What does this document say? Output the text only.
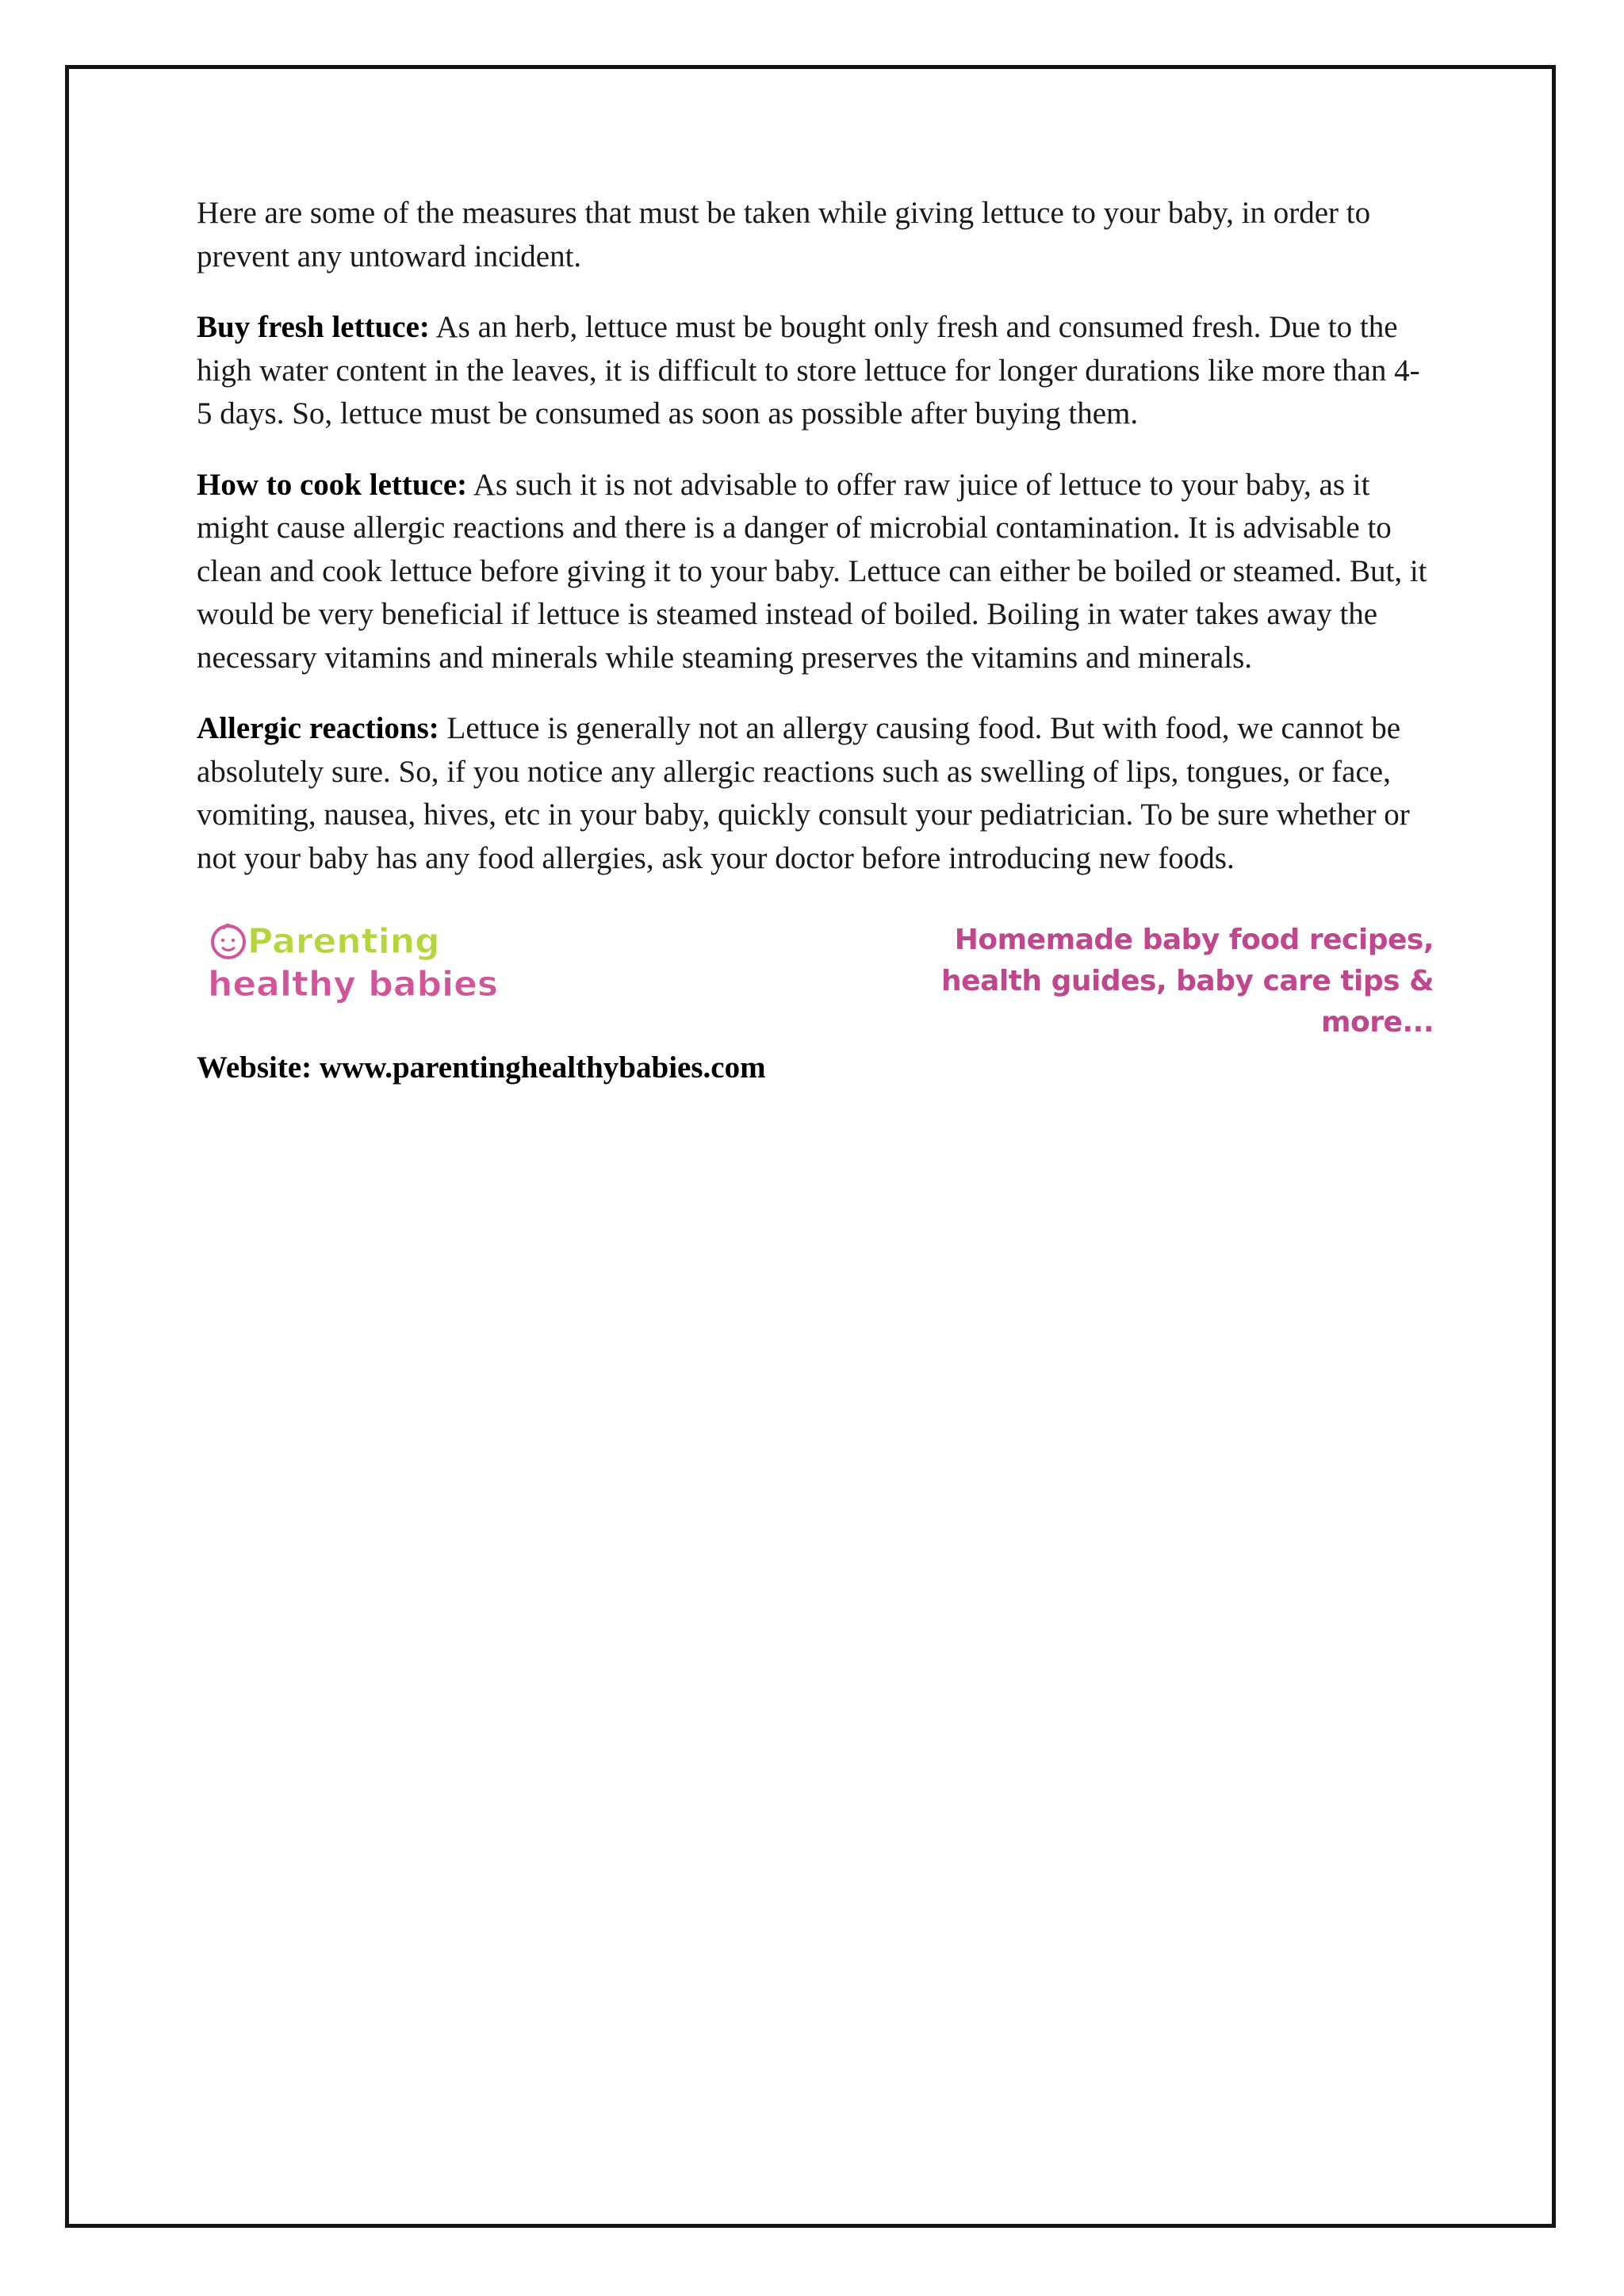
Here are some of the measures that must be taken while giving lettuce to your baby, in order to prevent any untoward incident.

Buy fresh lettuce: As an herb, lettuce must be bought only fresh and consumed fresh. Due to the high water content in the leaves, it is difficult to store lettuce for longer durations like more than 4-5 days. So, lettuce must be consumed as soon as possible after buying them.

How to cook lettuce: As such it is not advisable to offer raw juice of lettuce to your baby, as it might cause allergic reactions and there is a danger of microbial contamination. It is advisable to clean and cook lettuce before giving it to your baby. Lettuce can either be boiled or steamed. But, it would be very beneficial if lettuce is steamed instead of boiled. Boiling in water takes away the necessary vitamins and minerals while steaming preserves the vitamins and minerals.

Allergic reactions: Lettuce is generally not an allergy causing food. But with food, we cannot be absolutely sure. So, if you notice any allergic reactions such as swelling of lips, tongues, or face, vomiting, nausea, hives, etc in your baby, quickly consult your pediatrician. To be sure whether or not your baby has any food allergies, ask your doctor before introducing new foods.

Parenting
healthy babies
Homemade baby food recipes,
health guides, baby care tips & more...
Website: www.parentinghealthybabies.com
